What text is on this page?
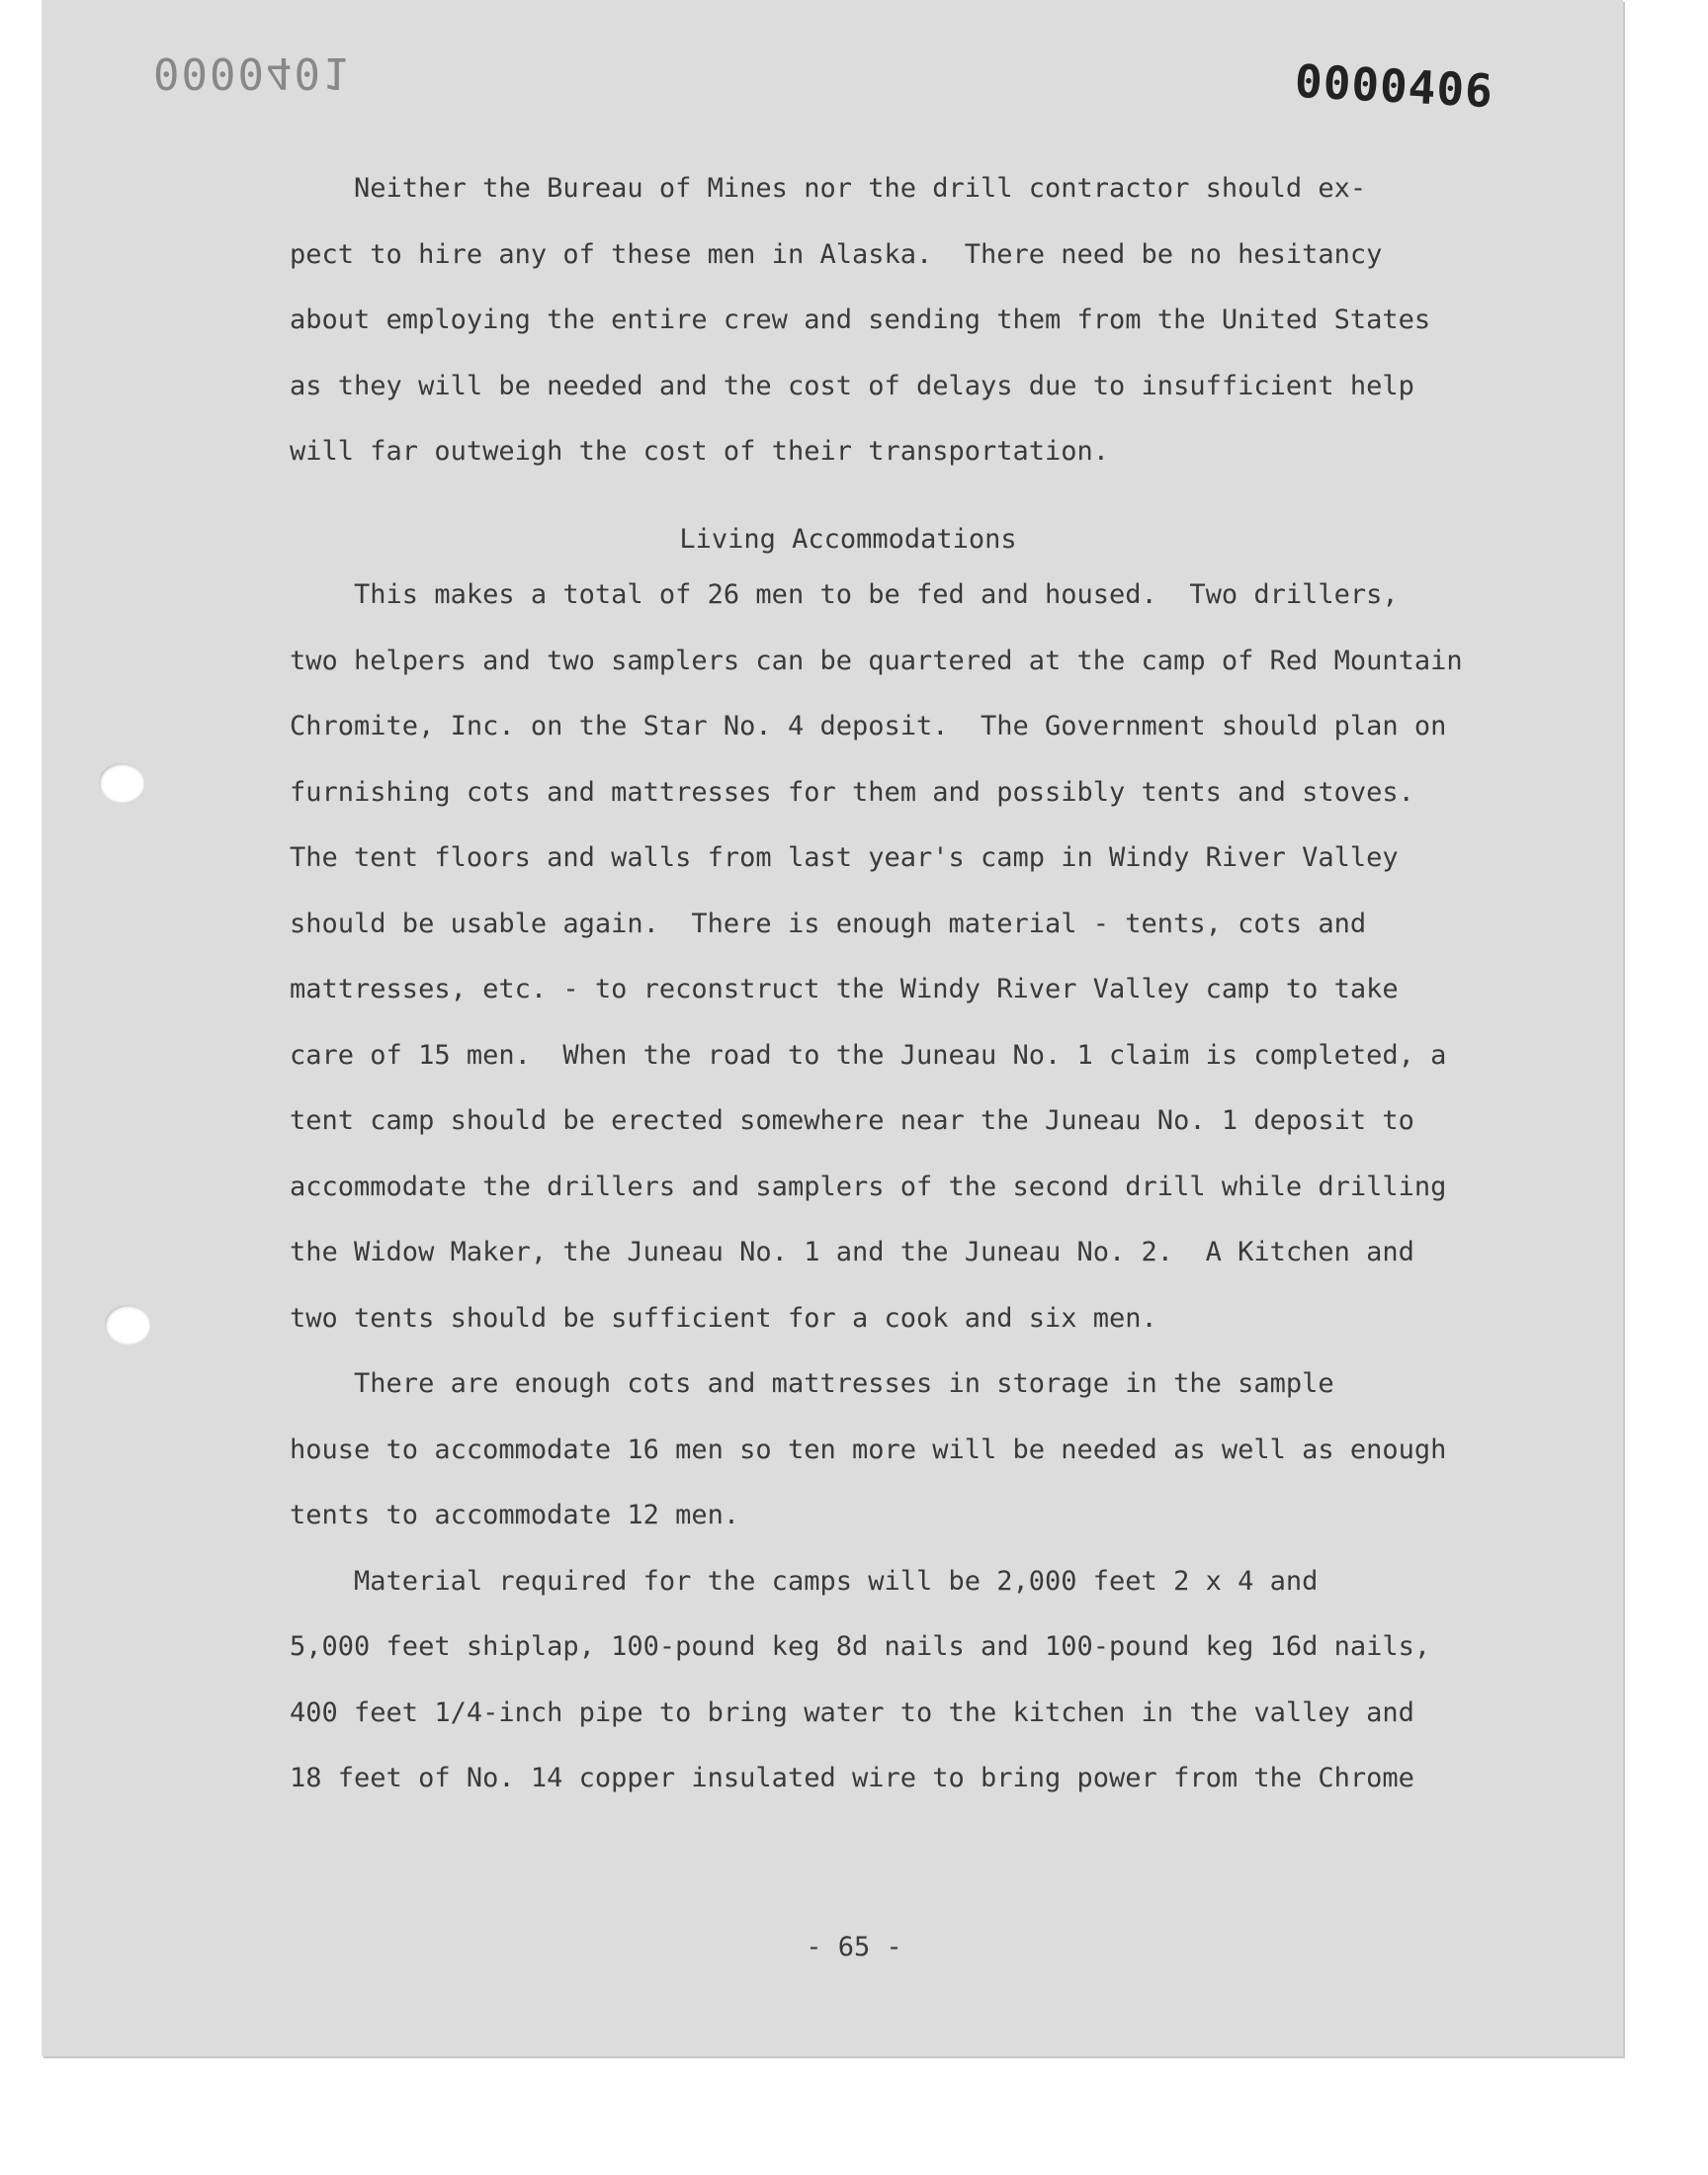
0000401	0000406
Neither the Bureau of Mines nor the drill contractor should ex-
pect to hire any of these men in Alaska.  There need be no hesitancy
about employing the entire crew and sending them from the United States
as they will be needed and the cost of delays due to insufficient help
will far outweigh the cost of their transportation.
Living Accommodations
This makes a total of 26 men to be fed and housed.  Two drillers,
two helpers and two samplers can be quartered at the camp of Red Mountain
Chromite, Inc. on the Star No. 4 deposit.  The Government should plan on
furnishing cots and mattresses for them and possibly tents and stoves.
The tent floors and walls from last year's camp in Windy River Valley
should be usable again.  There is enough material - tents, cots and
mattresses, etc. - to reconstruct the Windy River Valley camp to take
care of 15 men.  When the road to the Juneau No. 1 claim is completed, a
tent camp should be erected somewhere near the Juneau No. 1 deposit to
accommodate the drillers and samplers of the second drill while drilling
the Widow Maker, the Juneau No. 1 and the Juneau No. 2.  A Kitchen and
two tents should be sufficient for a cook and six men.
There are enough cots and mattresses in storage in the sample
house to accommodate 16 men so ten more will be needed as well as enough
tents to accommodate 12 men.
Material required for the camps will be 2,000 feet 2 x 4 and
5,000 feet shiplap, 100-pound keg 8d nails and 100-pound keg 16d nails,
400 feet 1/4-inch pipe to bring water to the kitchen in the valley and
18 feet of No. 14 copper insulated wire to bring power from the Chrome
- 65 -
